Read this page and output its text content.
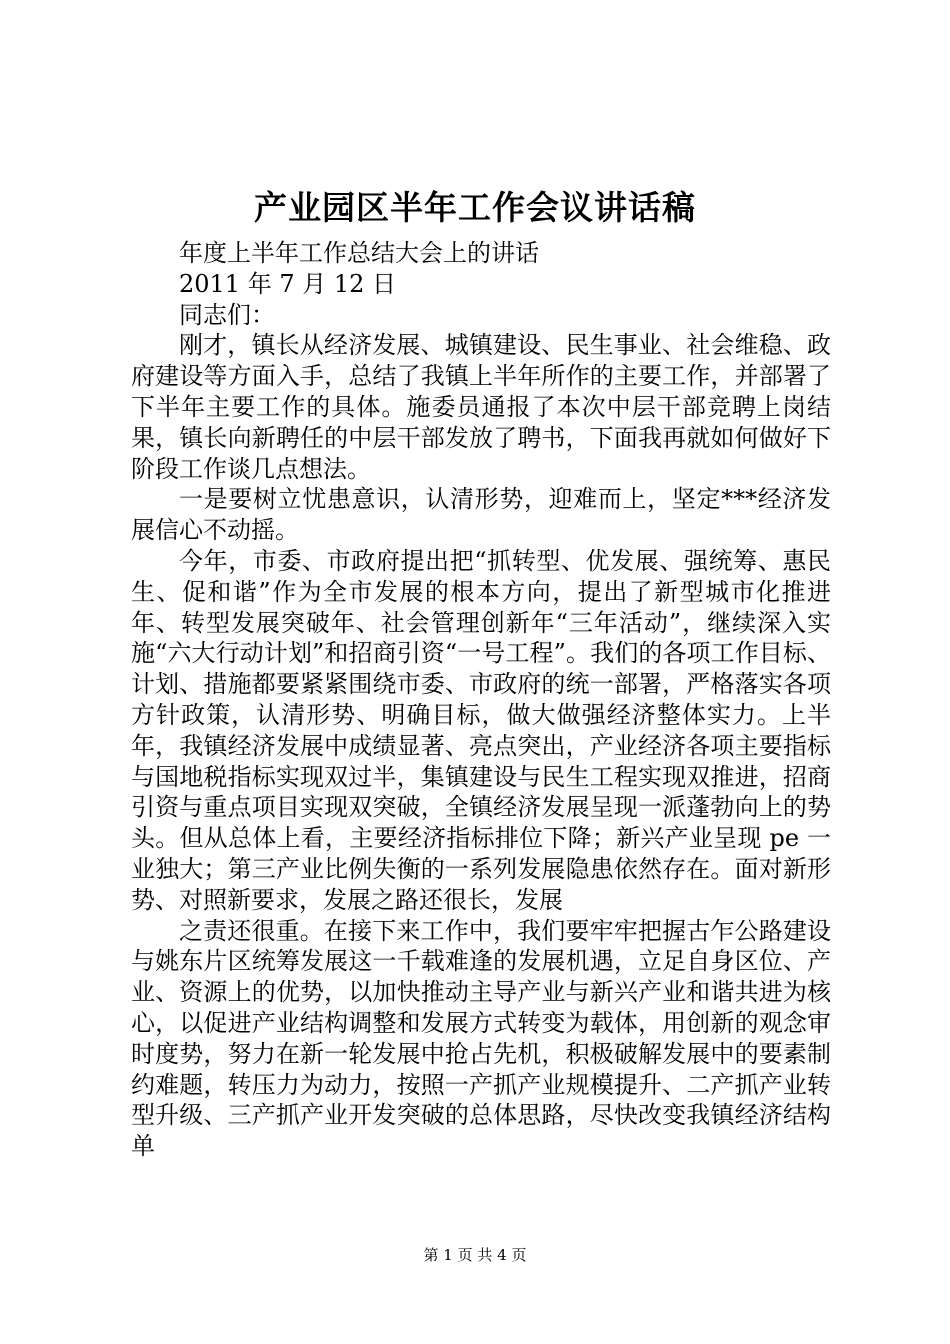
产业园区半年工作会议讲话稿

年度上半年工作总结大会上的讲话

2011 年 7 月 12 日

同志们：

刚才，镇长从经济发展、城镇建设、民生事业、社会维稳、政府建设等方面入手，总结了我镇上半年所作的主要工作，并部署了下半年主要工作的具体。施委员通报了本次中层干部竞聘上岗结果，镇长向新聘任的中层干部发放了聘书，下面我再就如何做好下阶段工作谈几点想法。

一是要树立忧患意识，认清形势，迎难而上，坚定***经济发展信心不动摇。

今年，市委、市政府提出把“抓转型、优发展、强统筹、惠民生、促和谐”作为全市发展的根本方向，提出了新型城市化推进年、转型发展突破年、社会管理创新年“三年活动”，继续深入实施“六大行动计划”和招商引资“一号工程”。我们的各项工作目标、计划、措施都要紧紧围绕市委、市政府的统一部署，严格落实各项方针政策，认清形势、明确目标，做大做强经济整体实力。上半年，我镇经济发展中成绩显著、亮点突出，产业经济各项主要指标与国地税指标实现双过半，集镇建设与民生工程实现双推进，招商引资与重点项目实现双突破，全镇经济发展呈现一派蓬勃向上的势头。但从总体上看，主要经济指标排位下降；新兴产业呈现 pe 一业独大；第三产业比例失衡的一系列发展隐患依然存在。面对新形势、对照新要求，发展之路还很长，发展

之责还很重。在接下来工作中，我们要牢牢把握古乍公路建设与姚东片区统筹发展这一千载难逢的发展机遇，立足自身区位、产业、资源上的优势，以加快推动主导产业与新兴产业和谐共进为核心，以促进产业结构调整和发展方式转变为载体，用创新的观念审时度势，努力在新一轮发展中抢占先机，积极破解发展中的要素制约难题，转压力为动力，按照一产抓产业规模提升、二产抓产业转型升级、三产抓产业开发突破的总体思路，尽快改变我镇经济结构单

第 1 页 共 4 页
